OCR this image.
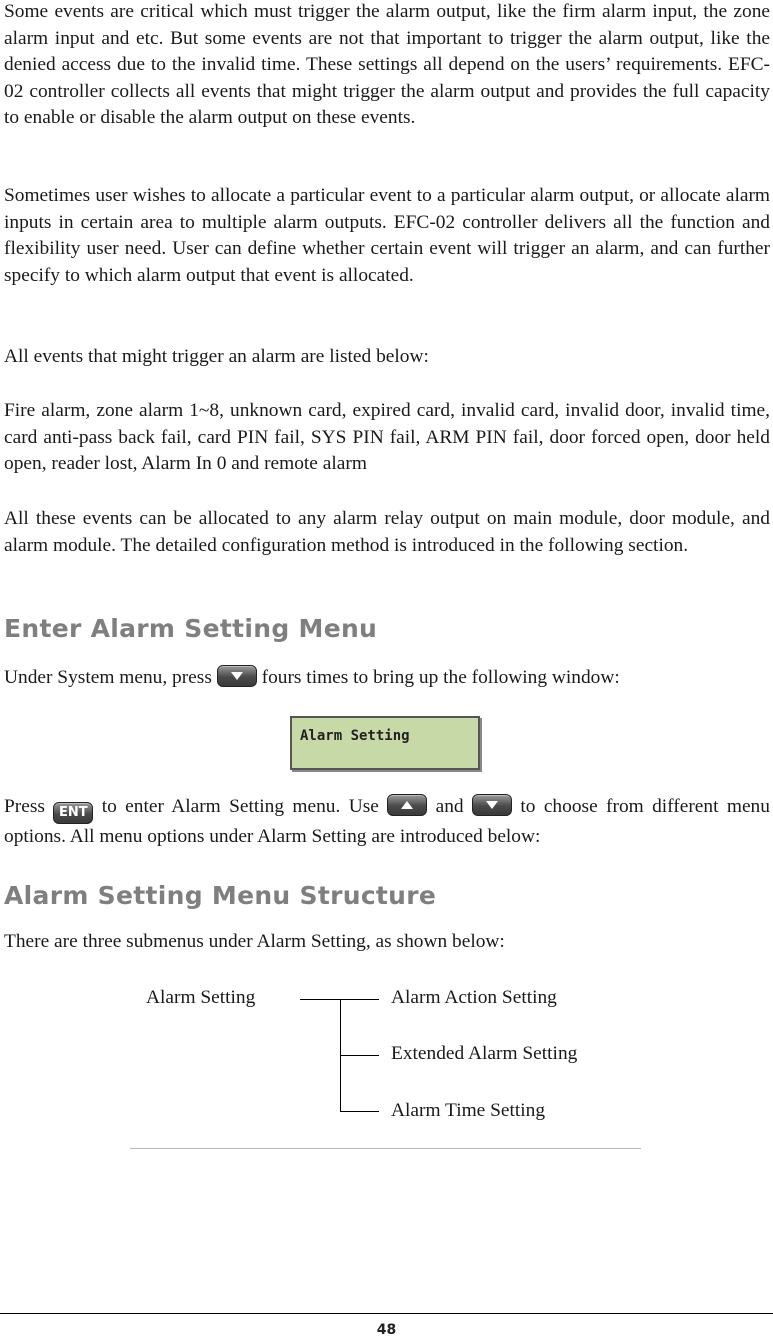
Some events are critical which must trigger the alarm output, like the firm alarm input, the zone alarm input and etc. But some events are not that important to trigger the alarm output, like the denied access due to the invalid time. These settings all depend on the users’ requirements. EFC-02 controller collects all events that might trigger the alarm output and provides the full capacity to enable or disable the alarm output on these events.

Sometimes user wishes to allocate a particular event to a particular alarm output, or allocate alarm inputs in certain area to multiple alarm outputs. EFC-02 controller delivers all the function and flexibility user need. User can define whether certain event will trigger an alarm, and can further specify to which alarm output that event is allocated.

All events that might trigger an alarm are listed below:

Fire alarm, zone alarm 1~8, unknown card, expired card, invalid card, invalid door, invalid time, card anti-pass back fail, card PIN fail, SYS PIN fail, ARM PIN fail, door forced open, door held open, reader lost, Alarm In 0 and remote alarm

All these events can be allocated to any alarm relay output on main module, door module, and alarm module. The detailed configuration method is introduced in the following section.

Enter Alarm Setting Menu

Under System menu, press	fours times to bring up the following window:

Alarm Setting

Press ENT to enter Alarm Setting menu. Use	and	to choose from different menu options. All menu options under Alarm Setting are introduced below:

Alarm Setting Menu Structure

There are three submenus under Alarm Setting, as shown below:

Alarm Setting	Alarm Action Setting
Extended Alarm Setting
Alarm Time Setting
48
